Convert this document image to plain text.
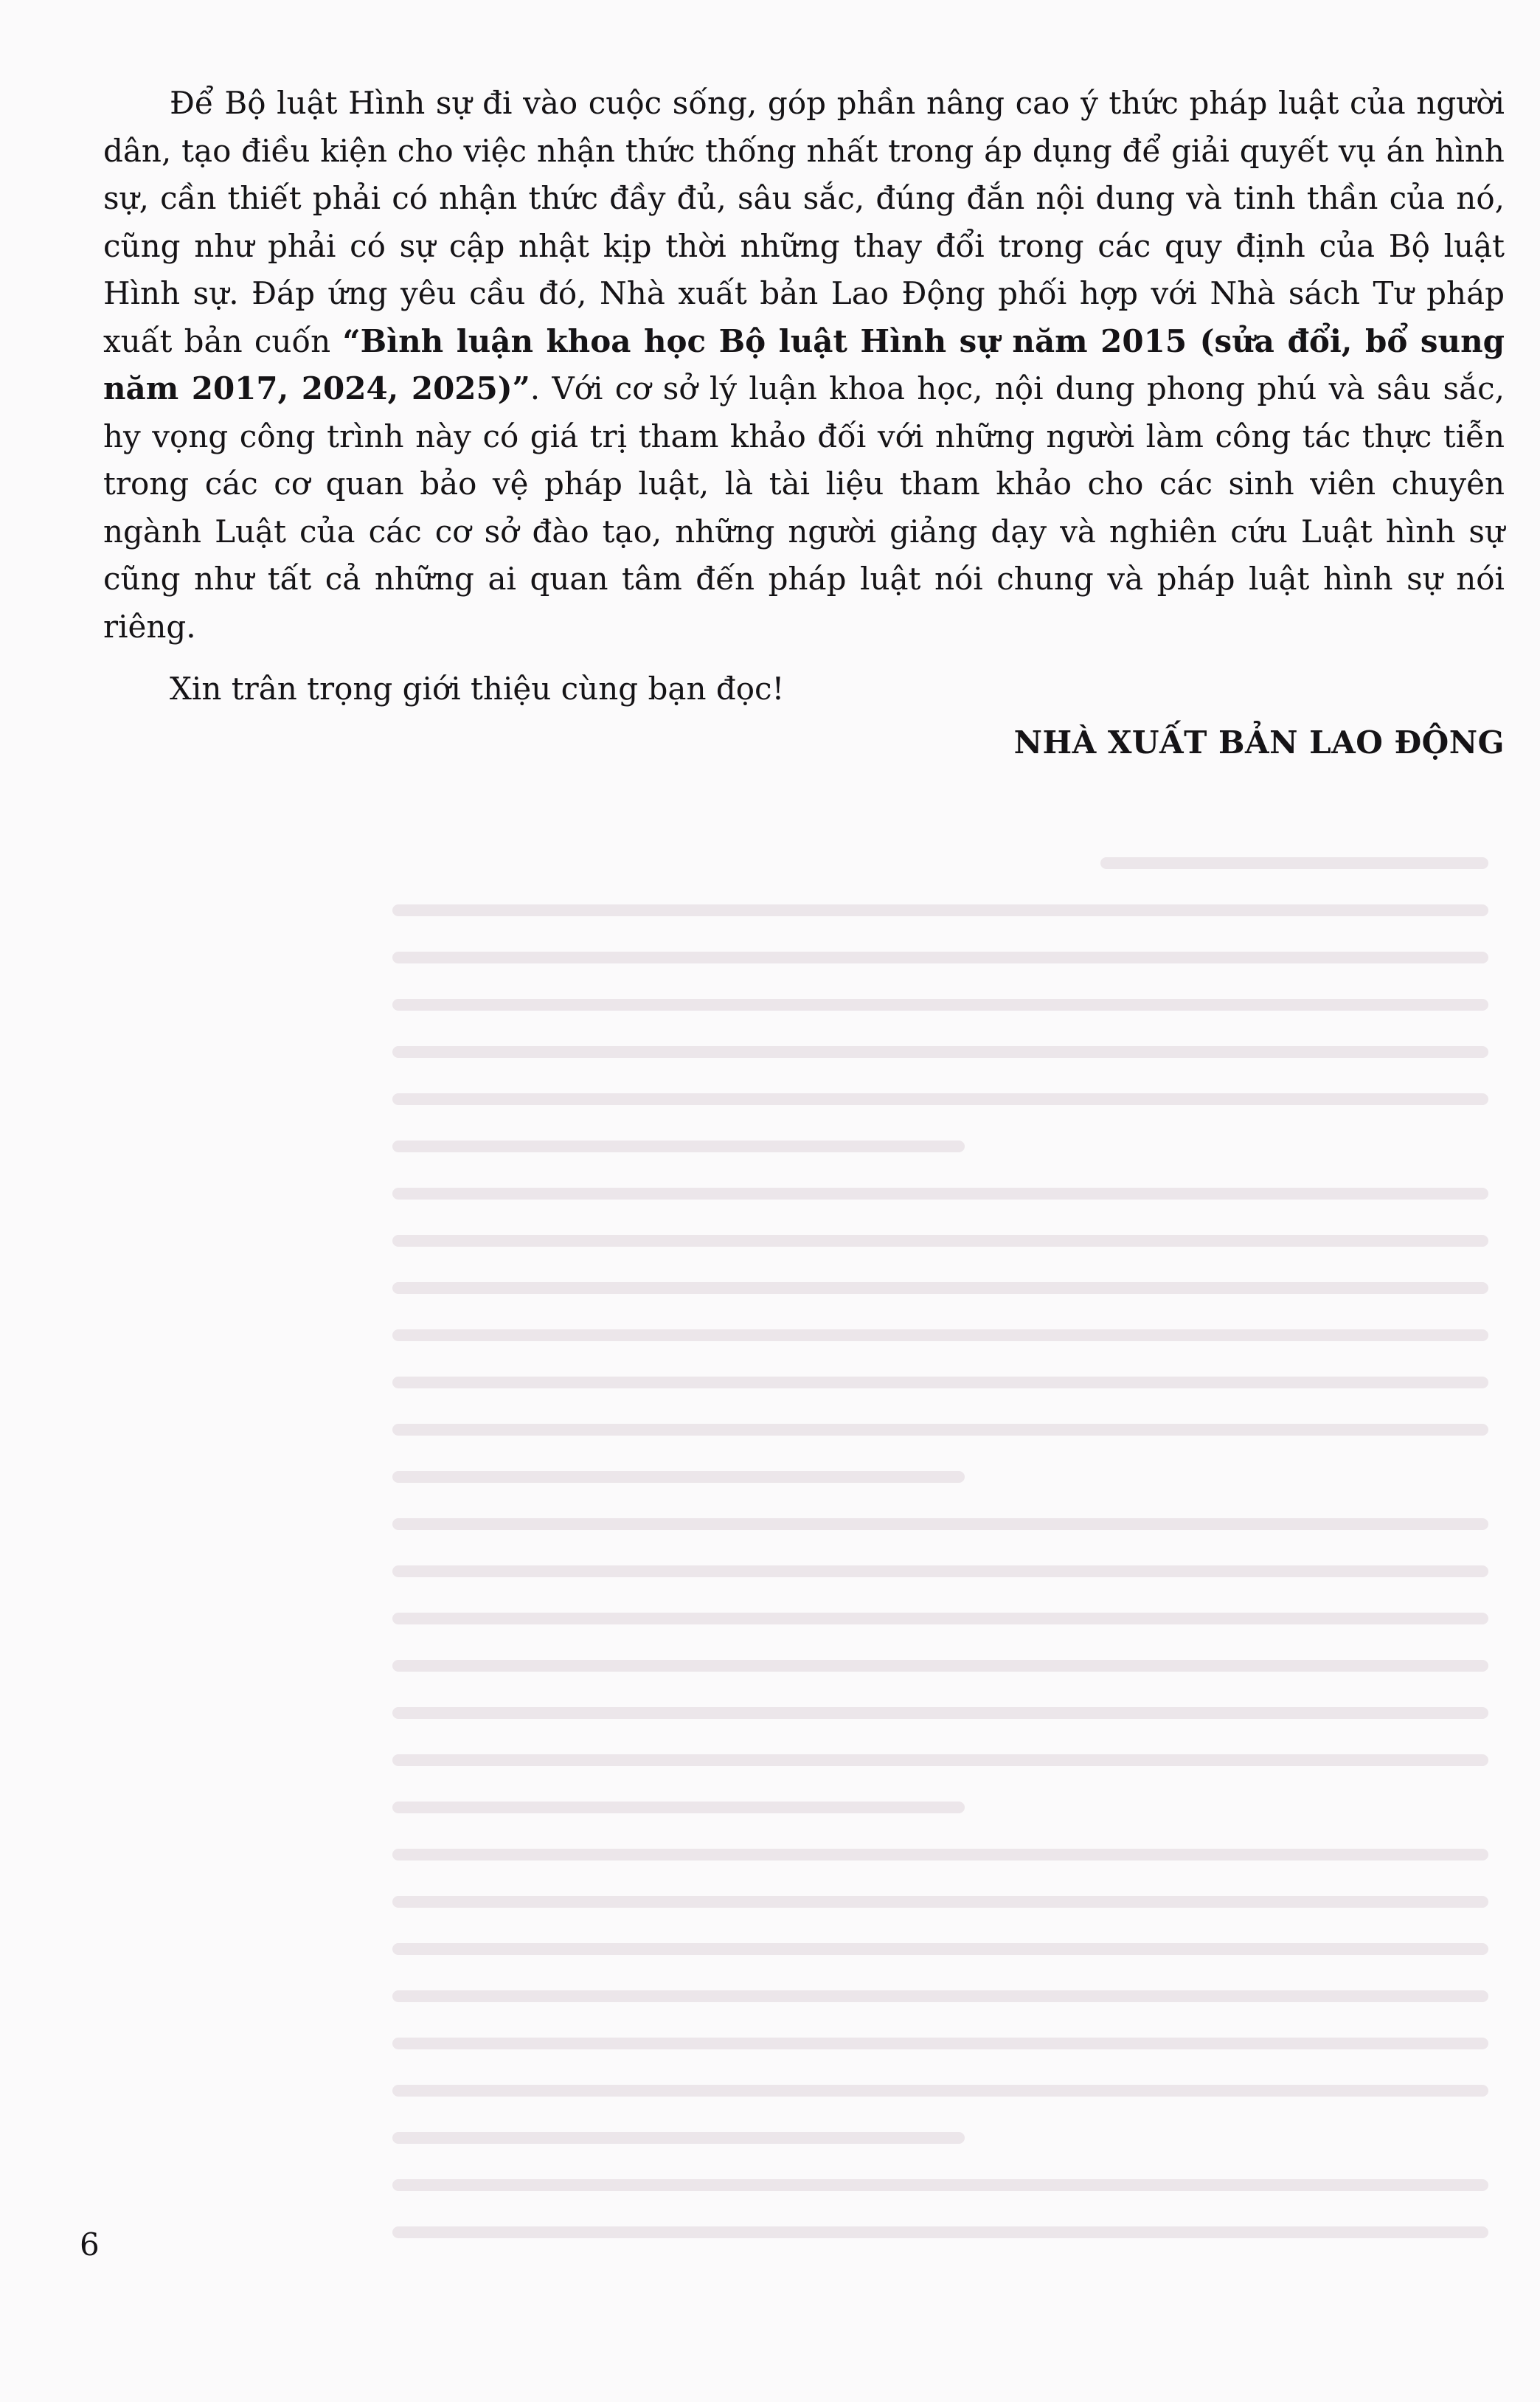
Để Bộ luật Hình sự đi vào cuộc sống, góp phần nâng cao ý thức pháp luật của người dân, tạo điều kiện cho việc nhận thức thống nhất trong áp dụng để giải quyết vụ án hình sự, cần thiết phải có nhận thức đầy đủ, sâu sắc, đúng đắn nội dung và tinh thần của nó, cũng như phải có sự cập nhật kịp thời những thay đổi trong các quy định của Bộ luật Hình sự. Đáp ứng yêu cầu đó, Nhà xuất bản Lao Động phối hợp với Nhà sách Tư pháp xuất bản cuốn “Bình luận khoa học Bộ luật Hình sự năm 2015 (sửa đổi, bổ sung năm 2017, 2024, 2025)”. Với cơ sở lý luận khoa học, nội dung phong phú và sâu sắc, hy vọng công trình này có giá trị tham khảo đối với những người làm công tác thực tiễn trong các cơ quan bảo vệ pháp luật, là tài liệu tham khảo cho các sinh viên chuyên ngành Luật của các cơ sở đào tạo, những người giảng dạy và nghiên cứu Luật hình sự cũng như tất cả những ai quan tâm đến pháp luật nói chung và pháp luật hình sự nói riêng.

Xin trân trọng giới thiệu cùng bạn đọc!

NHÀ XUẤT BẢN LAO ĐỘNG

6
